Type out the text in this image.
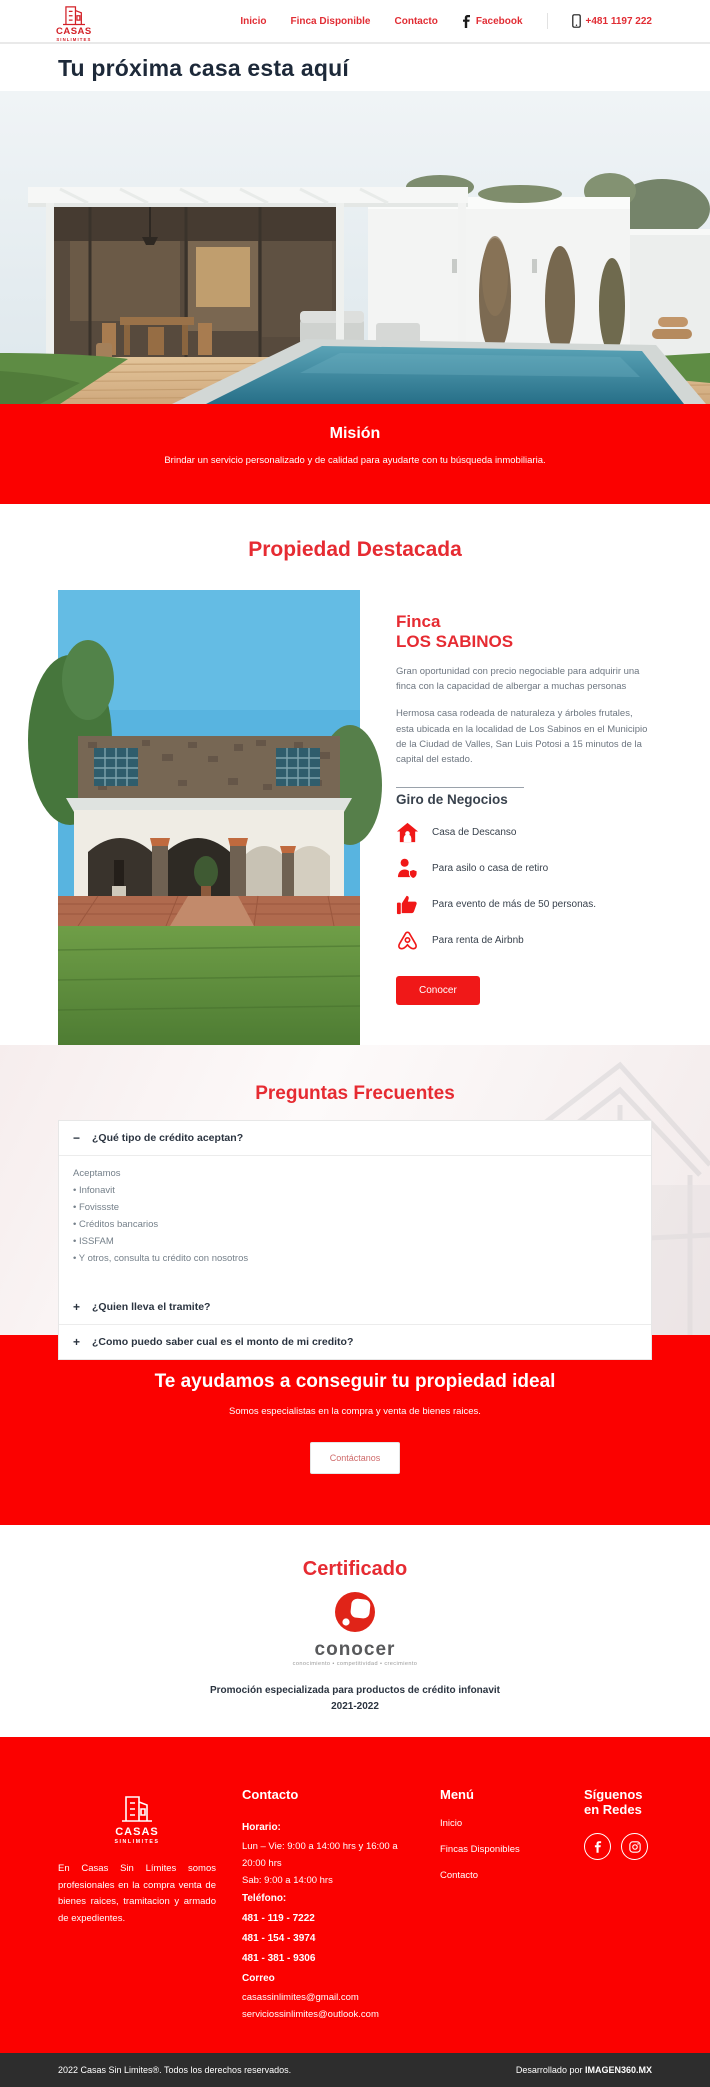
CASAS
SINLIMITES
Inicio Finca Disponible Contacto	Facebook	+481 1197 222
Tu próxima casa esta aquí
Misión

Brindar un servicio personalizado y de calidad para ayudarte con tu búsqueda inmobiliaria.

Propiedad Destacada
Finca
LOS SABINOS

Gran oportunidad con precio negociable para adquirir una finca con la capacidad de albergar a muchas personas

Hermosa casa rodeada de naturaleza y árboles frutales, esta ubicada en la localidad de Los Sabinos en el Municipio de la Ciudad de Valles, San Luis Potosi a 15 minutos de la capital del estado.

Giro de Negocios
Casa de Descanso
Para asilo o casa de retiro
Para evento de más de 50 personas.
Para renta de Airbnb
Conocer
Preguntas Frecuentes
− ¿Qué tipo de crédito aceptan?
Aceptamos
• Infonavit
• Fovissste
• Créditos bancarios
• ISSFAM
• Y otros, consulta tu crédito con nosotros
+ ¿Quien lleva el tramite?
+ ¿Como puedo saber cual es el monto de mi credito?
Te ayudamos a conseguir tu propiedad ideal

Somos especialistas en la compra y venta de bienes raices.

Contáctanos
Certificado
conocer
conocimiento • competitividad • crecimiento
Promoción especializada para productos de crédito infonavit
2021-2022
CASAS
SINLIMITES

En Casas Sin Límites somos profesionales en la compra venta de bienes raices, tramitacion y armado de expedientes.

Contacto
Horario:
Lun – Vie: 9:00 a 14:00 hrs y 16:00 a 20:00 hrs
Sab: 9:00 a 14:00 hrs
Teléfono:
481 - 119 - 7222
481 - 154 - 3974
481 - 381 - 9306
Correo
casassinlimites@gmail.com
serviciossinlimites@outlook.com
Menú
Inicio
Fincas Disponibles
Contacto
Síguenos en Redes
2022 Casas Sin Limites®. Todos los derechos reservados.	Desarrollado por IMAGEN360.MX
